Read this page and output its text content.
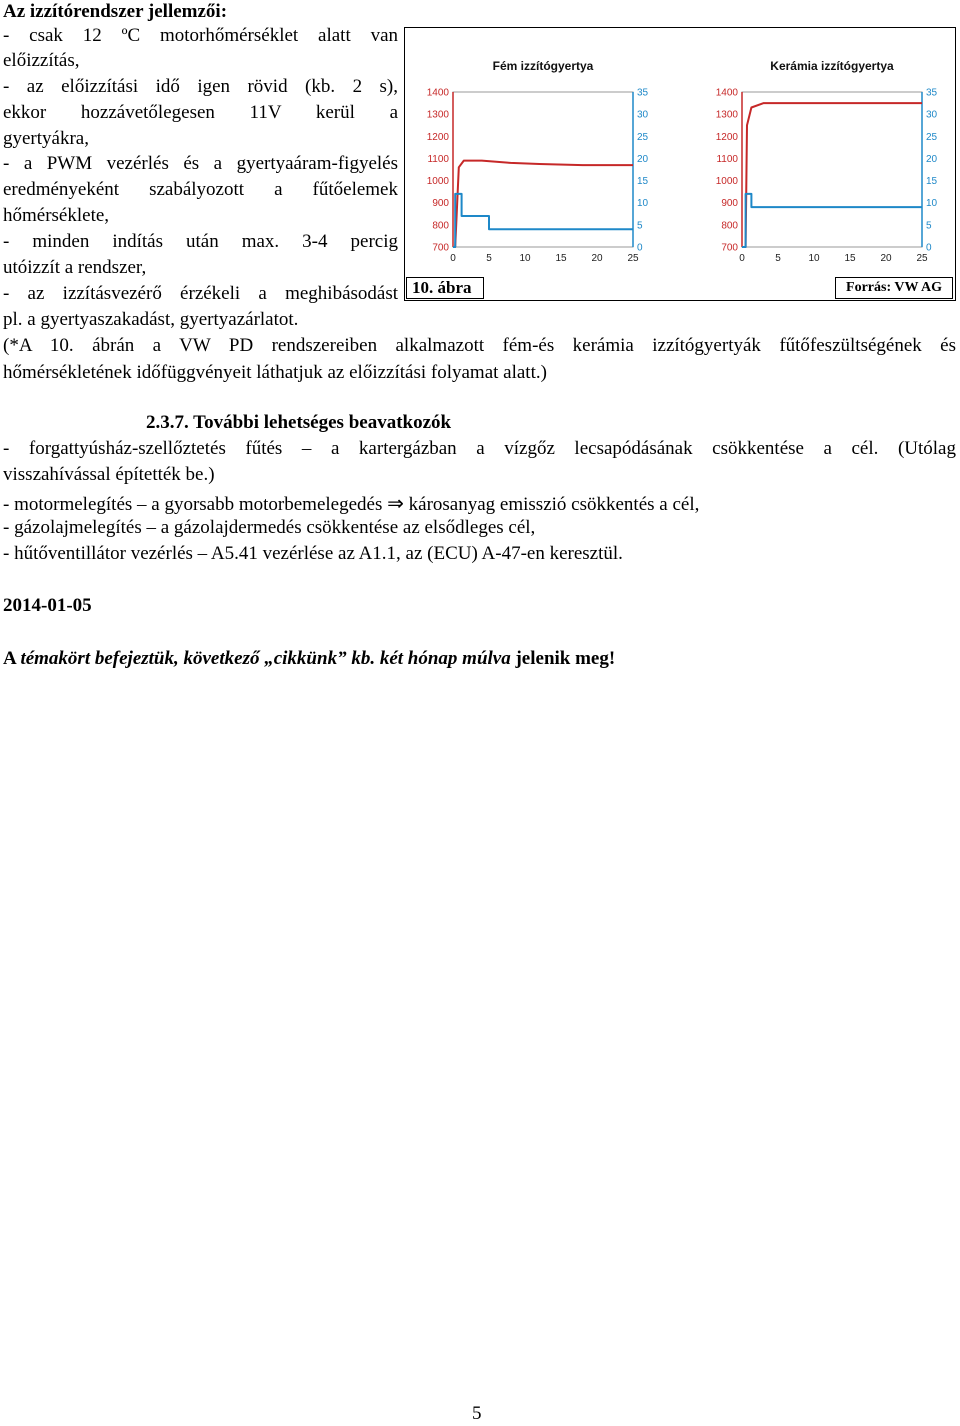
Az izzítórendszer jellemzői:
- csak 12 ºC motorhőmérséklet alatt van
előizzítás,
- az előizzítási idő igen rövid (kb. 2 s),
ekkor hozzávetőlegesen 11V kerül a
gyertyákra,
- a PWM vezérlés és a gyertyaáram-figyelés
eredményeként szabályozott a fűtőelemek
hőmérséklete,
- minden indítás után max. 3-4 percig
utóizzít a rendszer,
- az izzításvezérő érzékeli a meghibásodást
pl. a gyertyaszakadást, gyertyazárlatot.
(*A 10. ábrán a VW PD rendszereiben alkalmazott fém-és kerámia izzítógyertyák fűtőfeszültségének és
hőmérsékletének időfüggvényeit láthatjuk az előizzítási folyamat alatt.)
2.3.7. További lehetséges beavatkozók
- forgattyúsház-szellőztetés fűtés – a kartergázban a vízgőz lecsapódásának csökkentése a cél. (Utólag
visszahívással építették be.)
- motormelegítés – a gyorsabb motorbemelegedés ⇒ károsanyag emisszió csökkentés a cél,
- gázolajmelegítés – a gázolajdermedés csökkentése az elsődleges cél,
- hűtőventillátor vezérlés – A5.41 vezérlése az A1.1, az (ECU) A-47-en keresztül.
2014-01-05
A témakört befejeztük, következő „cikkünk” kb. két hónap múlva jelenik meg!
5
Fém izzítógyertya
1400
1300
1200
1100
1000
900
800
700
35
30
25
20
15
10
5
0
0	5	10 15 20 25
Kerámia izzítógyertya
1400
1300
1200
1100
1000
900
800
700
35
30
25
20
15
10
5
0
0	5	10 15 20 25
10. ábra	Forrás: VW AG
